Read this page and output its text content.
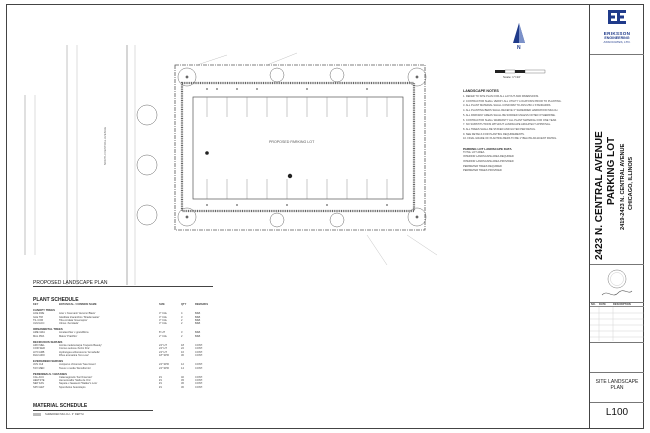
PROPOSED LANDSCAPE PLAN
PROPOSED PARKING LOT
NORTH CENTRAL AVENUE
N
Scale: 1"=10'
PLANT SCHEDULE
KEY	BOTANICAL / COMMON NAME	SIZE	QTY	REMARKS
CANOPY TREES
ACE FRE	Acer x freemanii 'Autumn Blaze'	3" CAL	4	B&B
GLE TRI	Gleditsia triacanthos 'Shademaster'	3" CAL	3	B&B
TIL COR	Tilia cordata 'Greenspire'	3" CAL	2	B&B
ULM ACC	Ulmus 'Accolade'	3" CAL	2	B&B
ORNAMENTAL TREES
AME GRA	Amelanchier x grandiflora	8' HT	3	B&B
MAL PRA	Malus 'Prairifire'	2" CAL	2	B&B
DECIDUOUS SHRUBS
ARO MEL	Aronia melanocarpa 'Iroquois Beauty'	24" HT	18	CONT.
COR SER	Cornus sericea 'Arctic Fire'	24" HT	22	CONT.
HYD ARB	Hydrangea arborescens 'Annabelle'	24" HT	16	CONT.
RHU ARO	Rhus aromatica 'Gro-Low'	18" SPR	30	CONT.
EVERGREEN SHRUBS
JUN CHI	Juniperus chinensis 'Sea Green'	24" SPR	12	CONT.
TAX MED	Taxus x media 'Densiformis'	24" SPR	14	CONT.
PERENNIALS / GRASSES
CAL ACU	Calamagrostis 'Karl Foerster'	#1	40	CONT.
HEM STE	Hemerocallis 'Stella de Oro'	#1	45	CONT.
NEP FAS	Nepeta x faassenii 'Walker's Low'	#1	36	CONT.
SPO HET	Sporobolus heterolepis	#1	30	CONT.
MATERIAL SCHEDULE
SHREDDED MULCH - 3" DEPTH
LANDSCAPE NOTES
1. REFER TO SITE PLAN FOR ALL LAYOUT AND DIMENSIONS.
2. CONTRACTOR SHALL VERIFY ALL UTILITY LOCATIONS PRIOR TO PLANTING.
3. ALL PLANT MATERIAL SHALL CONFORM TO ANSI Z60.1 STANDARDS.
4. ALL PLANTING BEDS SHALL RECEIVE 3" SHREDDED HARDWOOD MULCH.
5. ALL PARKWAY AREAS SHALL BE SODDED UNLESS NOTED OTHERWISE.
6. CONTRACTOR SHALL WARRANTY ALL PLANT MATERIAL FOR ONE YEAR.
7. NO SUBSTITUTIONS WITHOUT LANDSCAPE ARCHITECT APPROVAL.
8. ALL TREES SHALL BE STAKED AND GUYED PER DETAIL.
9. SEE DETAILS FOR PLANTING REQUIREMENTS.
10. FINAL GRADE OF PLANTING BEDS TO BE 1" BELOW ADJACENT PAVING.
PARKING LOT LANDSCAPE DATA
TOTAL LOT AREA
INTERIOR LANDSCAPE AREA REQUIRED
INTERIOR LANDSCAPE AREA PROVIDED
PERIMETER TREES REQUIRED
PERIMETER TREES PROVIDED
ERIKSSON
ENGINEERING
ASSOCIATES, LTD.
2423 N. CENTRAL AVENUE PARKING LOT 2419-2423 N. CENTRAL AVENUE CHICAGO, ILLINOIS
NO.	DATE	DESCRIPTION
SITE LANDSCAPE
PLAN
L100
